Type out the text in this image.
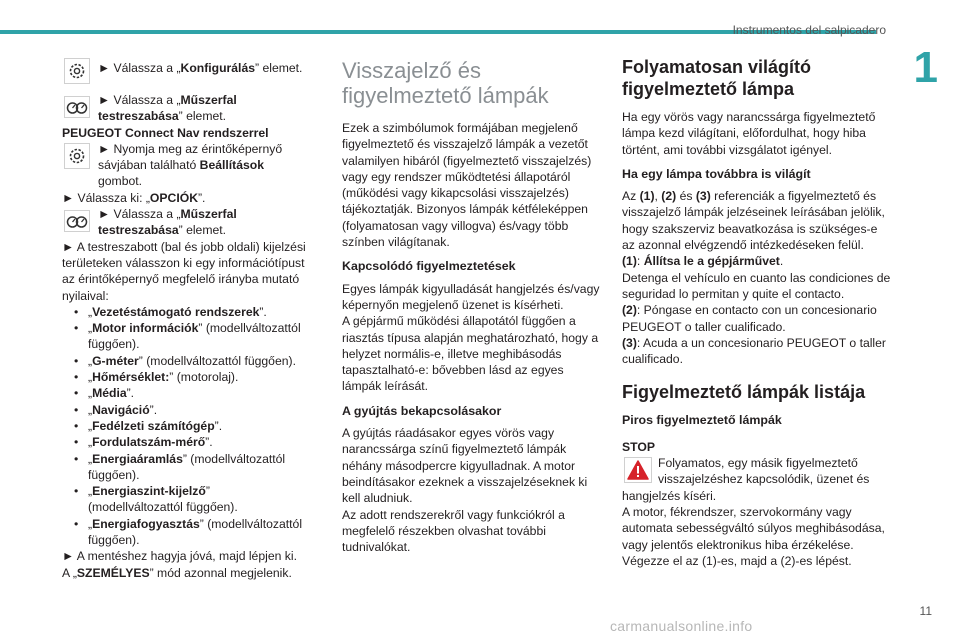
Instrumentos del salpicadero
1

► Válassza a „Konfigurálás” elemet.

► Válassza a „Műszerfal testreszabása” elemet.

PEUGEOT Connect Nav rendszerrel

► Nyomja meg az érintőképernyő sávjában található Beállítások gombot.

► Válassza ki: „OPCIÓK”.

► Válassza a „Műszerfal testreszabása” elemet.

► A testreszabott (bal és jobb oldali) kijelzési területeken válasszon ki egy információtípust az érintőképernyő megfelelő irányba mutató nyilaival:

• „Vezetéstámogató rendszerek”.
• „Motor információk” (modellváltozattól függően).
• „G-méter” (modellváltozattól függően).
• „Hőmérséklet:” (motorolaj).
• „Média”.
• „Navigáció”.
• „Fedélzeti számítógép”.
• „Fordulatszám-mérő”.
• „Energiaáramlás” (modellváltozattól függően).
• „Energiaszint-kijelző” (modellváltozattól függően).
• „Energiafogyasztás” (modellváltozattól függően).

► A mentéshez hagyja jóvá, majd lépjen ki.

A „SZEMÉLYES” mód azonnal megjelenik.

Visszajelző és figyelmeztető lámpák

Ezek a szimbólumok formájában megjelenő figyelmeztető és visszajelző lámpák a vezetőt valamilyen hibáról (figyelmeztető visszajelzés) vagy egy rendszer működtetési állapotáról (működési vagy kikapcsolási visszajelzés) tájékoztatják. Bizonyos lámpák kétféleképpen (folyamatosan vagy villogva) és/vagy több színben világítanak.

Kapcsolódó figyelmeztetések

Egyes lámpák kigyulladását hangjelzés és/vagy képernyőn megjelenő üzenet is kísérheti.

A gépjármű működési állapotától függően a riasztás típusa alapján meghatározható, hogy a helyzet normális-e, illetve meghibásodás tapasztalható-e: bővebben lásd az egyes lámpák leírását.

A gyújtás bekapcsolásakor

A gyújtás ráadásakor egyes vörös vagy narancssárga színű figyelmeztető lámpák néhány másodpercre kigyulladnak. A motor beindításakor ezeknek a visszajelzéseknek ki kell aludniuk.

Az adott rendszerekről vagy funkciókról a megfelelő részekben olvashat további tudnivalókat.

Folyamatosan világító figyelmeztető lámpa

Ha egy vörös vagy narancssárga figyelmeztető lámpa kezd világítani, előfordulhat, hogy hiba történt, ami további vizsgálatot igényel.

Ha egy lámpa továbbra is világít

Az (1), (2) és (3) referenciák a figyelmeztető és visszajelző lámpák jelzéseinek leírásában jelölik, hogy szakszerviz beavatkozása is szükséges-e az azonnal elvégzendő intézkedéseken felül.

(1): Állítsa le a gépjárművet.

Detenga el vehículo en cuanto las condiciones de seguridad lo permitan y quite el contacto.

(2): Póngase en contacto con un concesionario PEUGEOT o taller cualificado.

(3): Acuda a un concesionario PEUGEOT o taller cualificado.

Figyelmeztető lámpák listája

Piros figyelmeztető lámpák

STOP

Folyamatos, egy másik figyelmeztető visszajelzéshez kapcsolódik, üzenet és hangjelzés kíséri.

A motor, fékrendszer, szervokormány vagy automata sebességváltó súlyos meghibásodása, vagy jelentős elektronikus hiba érzékelése.

Végezze el az (1)-es, majd a (2)-es lépést.

11
carmanualsonline.info
